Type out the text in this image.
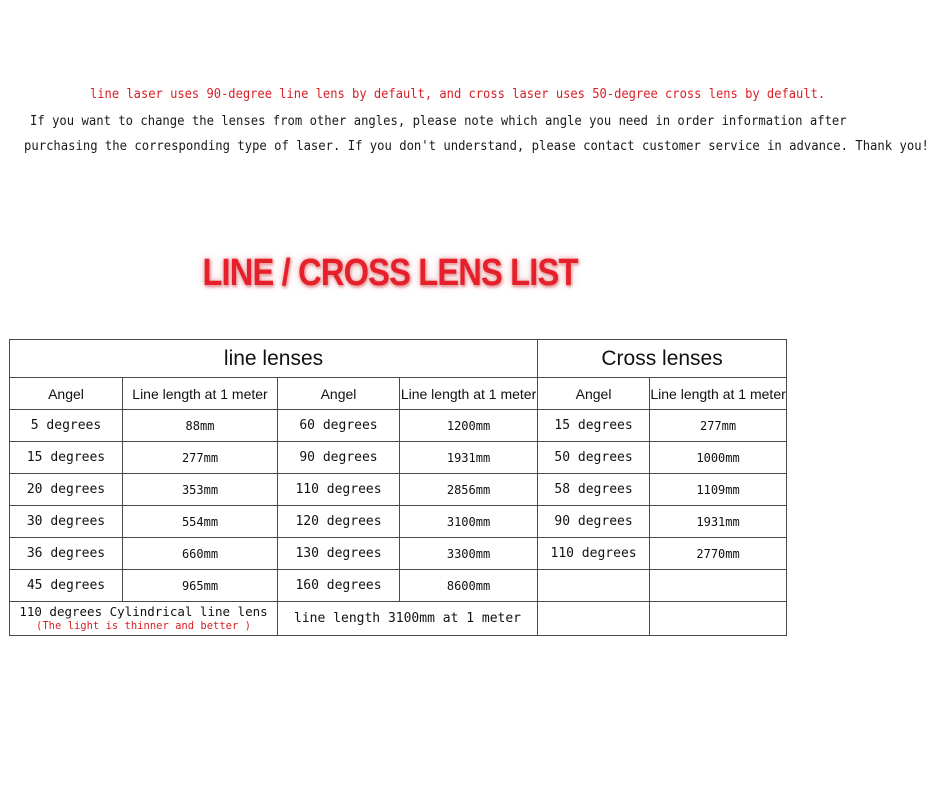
line laser uses 90-degree line lens by default, and cross laser uses 50-degree cross lens by default.
If you want to change the lenses from other angles, please note which angle you need in order information after
purchasing the corresponding type of laser. If you don't understand, please contact customer service in advance. Thank you!
LINE / CROSS LENS LIST
line lenses				Cross lenses	
Angel	Line length at 1 meter	Angel	Line length at 1 meter	Angel	Line length at 1 meter
5 degrees	88mm	60 degrees	1200mm	15 degrees	277mm
15 degrees	277mm	90 degrees	1931mm	50 degrees	1000mm
20 degrees	353mm	110 degrees	2856mm	58 degrees	1109mm
30 degrees	554mm	120 degrees	3100mm	90 degrees	1931mm
36 degrees	660mm	130 degrees	3300mm	110 degrees	2770mm
45 degrees	965mm	160 degrees	8600mm		
110 degrees Cylindrical line lens
(The light is thinner and better )		line length 3100mm at 1 meter			
